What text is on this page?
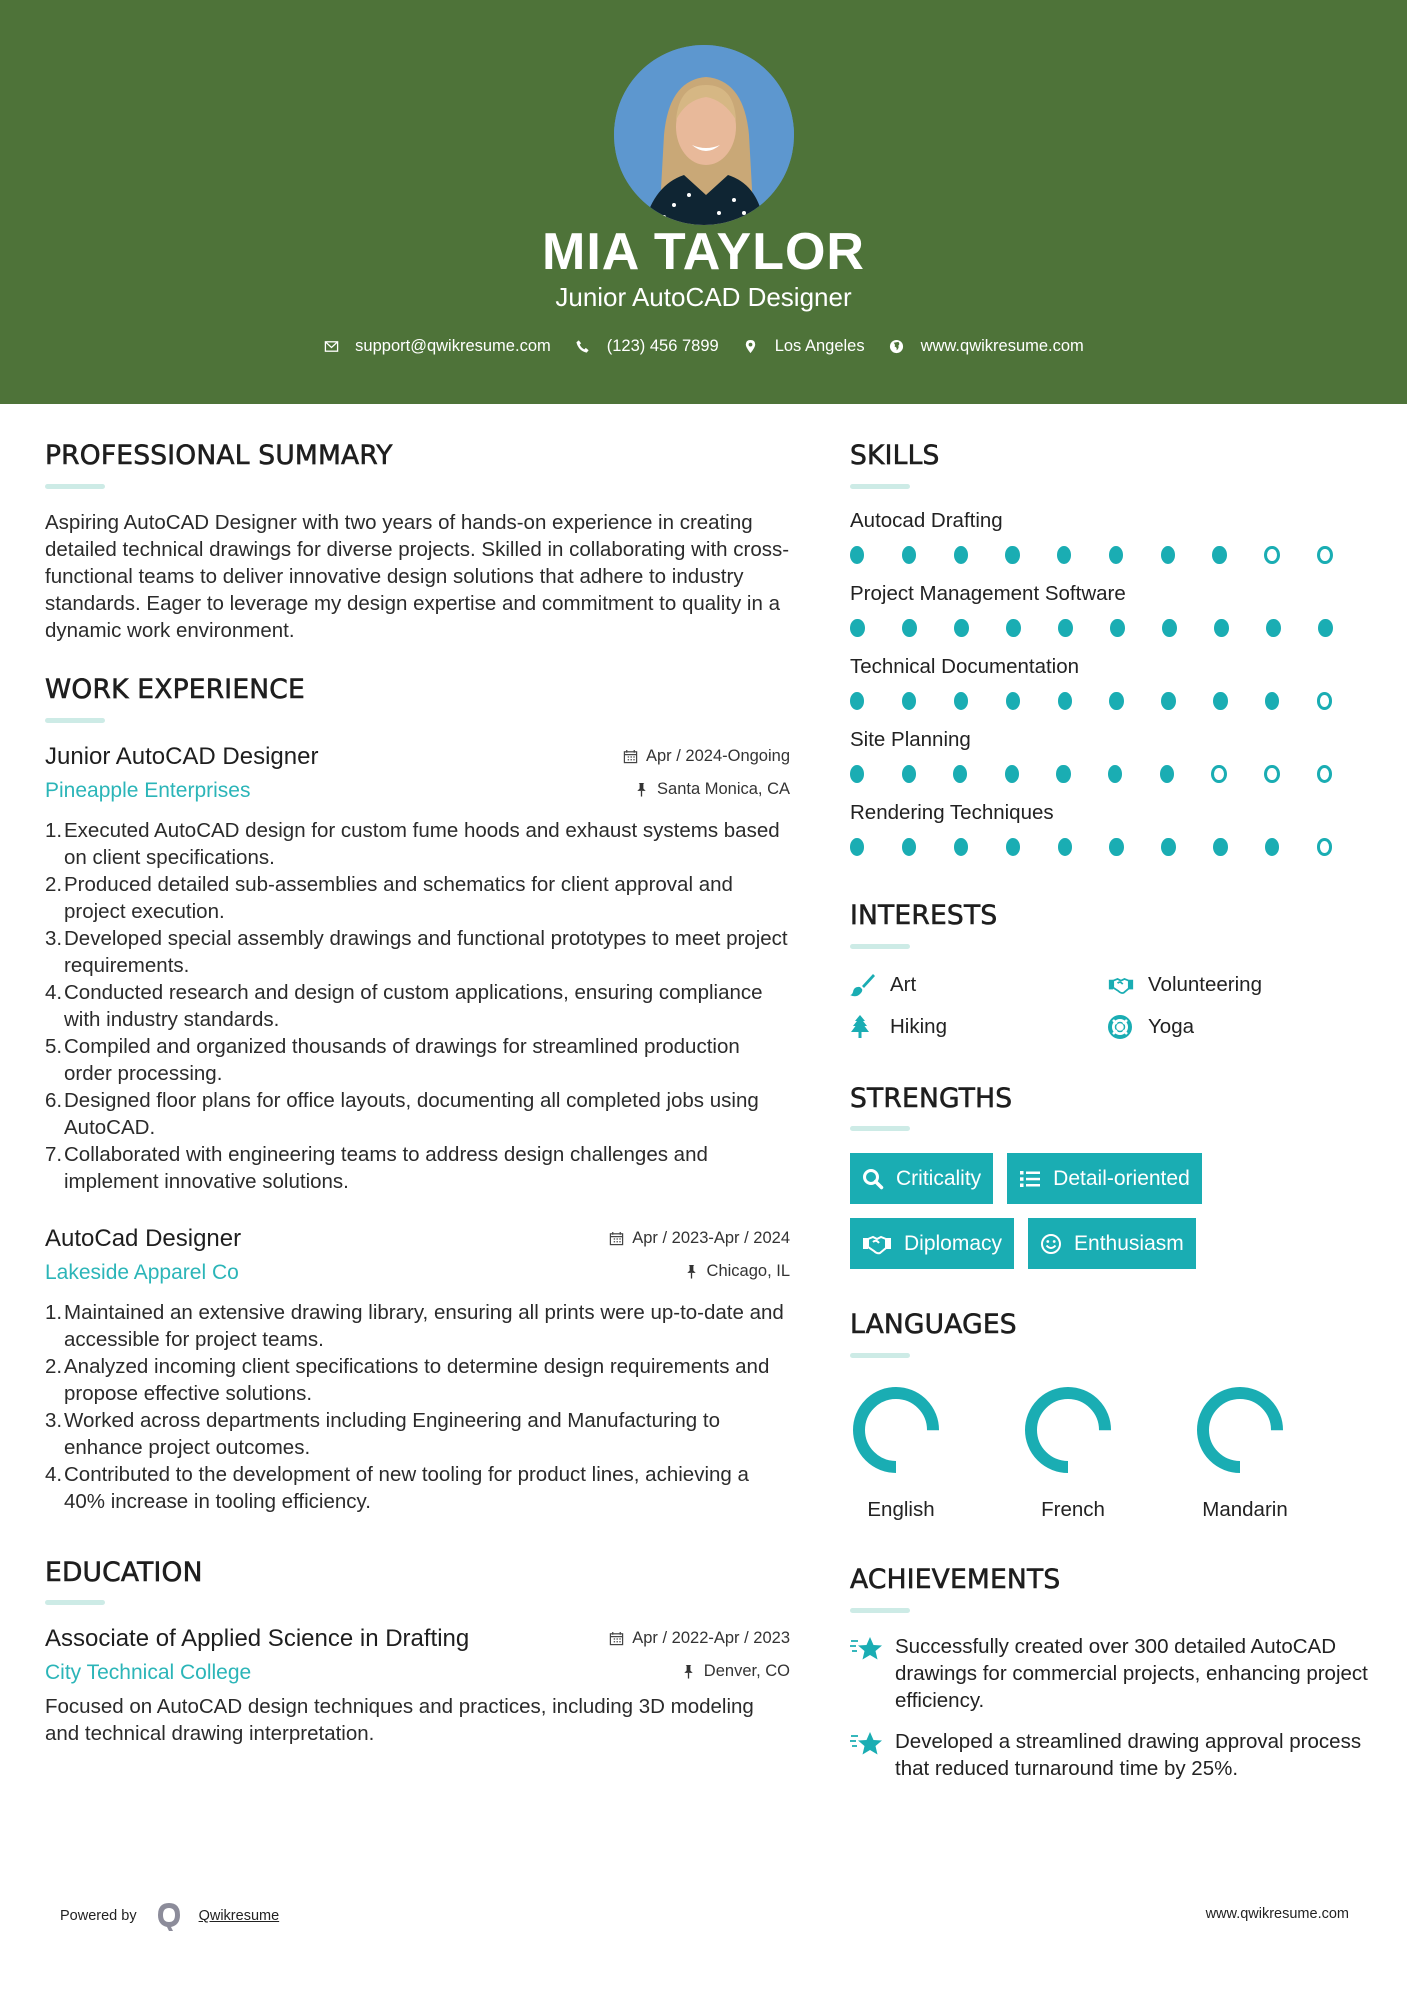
MIA TAYLOR
Junior AutoCAD Designer
support@qwikresume.com	(123) 456 7899	Los Angeles	www.qwikresume.com
PROFESSIONAL SUMMARY

Aspiring AutoCAD Designer with two years of hands-on experience in creating detailed technical drawings for diverse projects. Skilled in collaborating with cross-functional teams to deliver innovative design solutions that adhere to industry standards. Eager to leverage my design expertise and commitment to quality in a dynamic work environment.

WORK EXPERIENCE
Junior AutoCAD Designer	Apr / 2024-Ongoing
Pineapple Enterprises	Santa Monica, CA
1. Executed AutoCAD design for custom fume hoods and exhaust systems based on client specifications.
2. Produced detailed sub-assemblies and schematics for client approval and project execution.
3. Developed special assembly drawings and functional prototypes to meet project requirements.
4. Conducted research and design of custom applications, ensuring compliance with industry standards.
5. Compiled and organized thousands of drawings for streamlined production order processing.
6. Designed floor plans for office layouts, documenting all completed jobs using AutoCAD.
7. Collaborated with engineering teams to address design challenges and implement innovative solutions.
AutoCad Designer	Apr / 2023-Apr / 2024
Lakeside Apparel Co	Chicago, IL
1. Maintained an extensive drawing library, ensuring all prints were up-to-date and accessible for project teams.
2. Analyzed incoming client specifications to determine design requirements and propose effective solutions.
3. Worked across departments including Engineering and Manufacturing to enhance project outcomes.
4. Contributed to the development of new tooling for product lines, achieving a 40% increase in tooling efficiency.
EDUCATION
Associate of Applied Science in Drafting	Apr / 2022-Apr / 2023
City Technical College	Denver, CO

Focused on AutoCAD design techniques and practices, including 3D modeling and technical drawing interpretation.

SKILLS
Autocad Drafting
Project Management Software
Technical Documentation
Site Planning
Rendering Techniques
INTERESTS
Art	Volunteering
Hiking	Yoga
STRENGTHS
Criticality	Detail-oriented
Diplomacy	Enthusiasm
LANGUAGES
English	French	Mandarin
ACHIEVEMENTS
Successfully created over 300 detailed AutoCAD drawings for commercial projects, enhancing project efficiency.
Developed a streamlined drawing approval process that reduced turnaround time by 25%.
Powered by	Qwikresume	www.qwikresume.com
